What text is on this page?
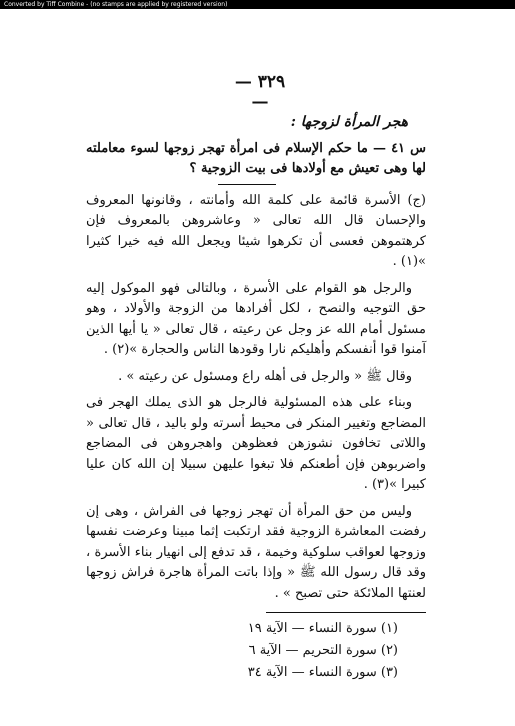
Converted by Tiff Combine - (no stamps are applied by registered version)
— ٣٢٩ —
هجر المرأة لزوجها :
س ٤١ — ما حكم الإسلام فى امرأة تهجر زوجها لسوء معاملته لها وهى تعيش مع أولادها فى بيت الزوجية ؟

(ج) الأسرة قائمة على كلمة الله وأمانته ، وقانونها المعروف والإحسان قال الله تعالى « وعاشروهن بالمعروف فإن كرهتموهن فعسى أن تكرهوا شيئا ويجعل الله فيه خيرا كثيرا »(١) .

والرجل هو القوام على الأسرة ، وبالتالى فهو الموكول إليه حق التوجيه والنصح ، لكل أفرادها من الزوجة والأولاد ، وهو مسئول أمام الله عز وجل عن رعيته ، قال تعالى « يا أيها الذين آمنوا قوا أنفسكم وأهليكم نارا وقودها الناس والحجارة »(٢) .

وقال ﷺ « والرجل فى أهله راع ومسئول عن رعيته » .

وبناء على هذه المسئولية فالرجل هو الذى يملك الهجر فى المضاجع وتغيير المنكر فى محيط أسرته ولو باليد ، قال تعالى « واللاتى تخافون نشوزهن فعظوهن واهجروهن فى المضاجع واضربوهن فإن أطعنكم فلا تبغوا عليهن سبيلا إن الله كان عليا كبيرا »(٣) .

وليس من حق المرأة أن تهجر زوجها فى الفراش ، وهى إن رفضت المعاشرة الزوجية فقد ارتكبت إثما مبينا وعرضت نفسها وزوجها لعواقب سلوكية وخيمة ، قد تدفع إلى انهيار بناء الأسرة ، وقد قال رسول الله ﷺ « وإذا باتت المرأة هاجرة فراش زوجها لعنتها الملائكة حتى تصبح » .

(١) سورة النساء — الآية ١٩
(٢) سورة التحريم — الآية ٦
(٣) سورة النساء — الآية ٣٤
